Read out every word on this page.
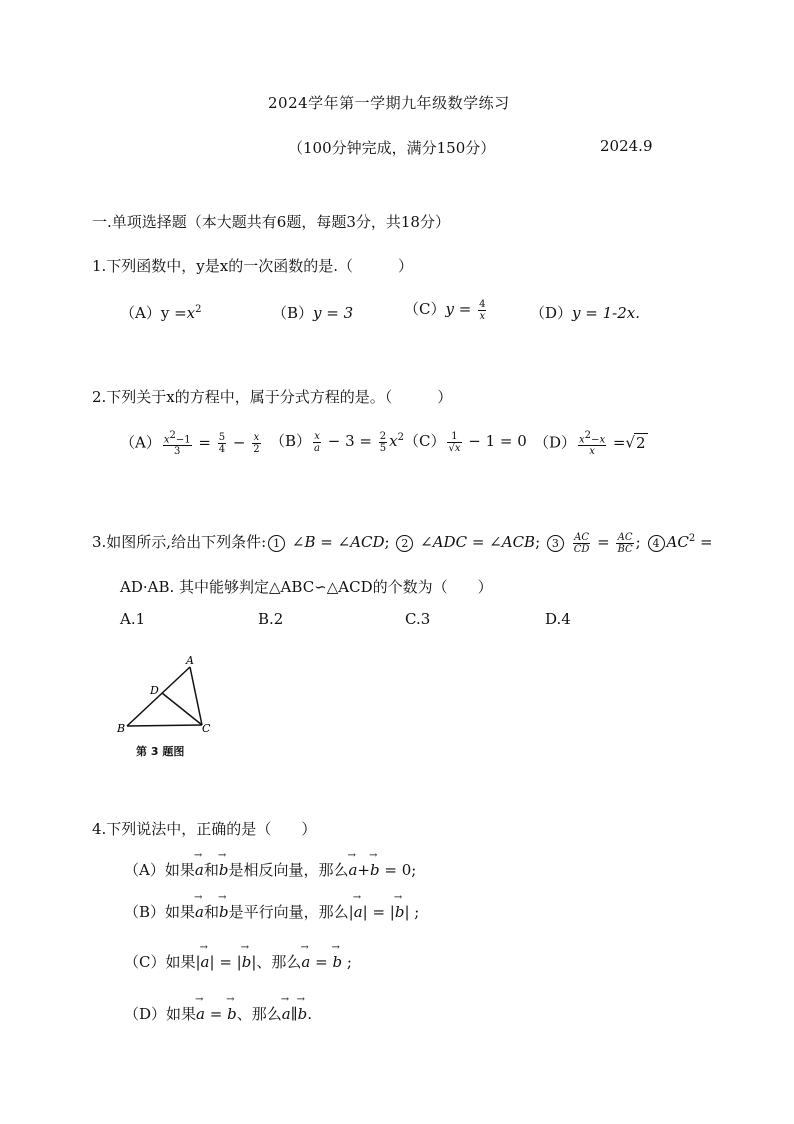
2024学年第一学期九年级数学练习
（100分钟完成，满分150分）	2024.9
一.单项选择题（本大题共有6题，每题3分，共18分）
1.下列函数中，y是x的一次函数的是.（　　　）
$(A)y =x^2$	（B）y = 3	$(C)y = \frac{4}{x}$	（D）y = 1-2x.
2.下列关于x的方程中，属于分式方程的是。（　　　）
$(A) \frac{x^2-1}{3} = \frac{5}{4} - \frac{x}{2} (B) \frac{x}{a} - 3 = \frac{2}{5} x^2$ $(C) \frac{1}{√x} - 1 = 0$ $(D) \frac{x^2-x}{x} =√2$
3.如图所示,给出下列条件: 1 ∠B = ∠ACD; 2 ∠ADC = ∠ACB; $3 \frac{AC}{CD} = \frac{AC}{BC}$ ; 4 $AC^2$ =
AD·AB. 其中能够判定△ABC∽△ACD的个数为（　　）
A.1	B.2	C.3	D.4
A
D
B	C
第 3 题图
4.下列说法中，正确的是（　　）
（A）如果→ a和→ b是相反向量，那么→ a+→ b = 0;
（B）如果→ a和→ b是平行向量，那么|→ a| = |→ b| ;
（C）如果|→ a| = |→ b|、那么→ a = → b ;
（D）如果→ a = → b、那么→ a∥→ b.
